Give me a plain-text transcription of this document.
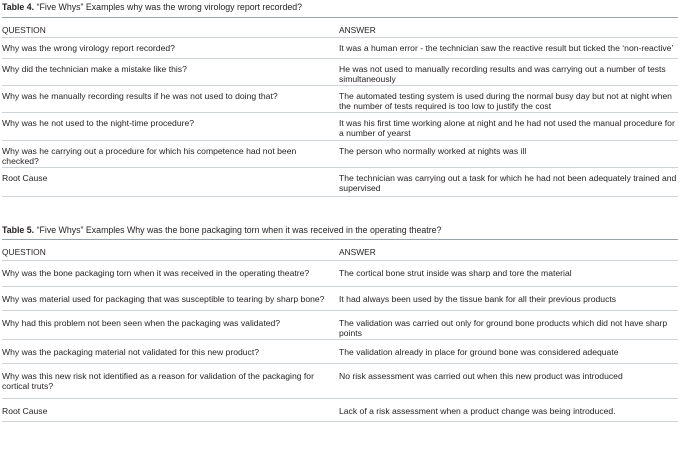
Table 4. “Five Whys” Examples why was the wrong virology report recorded?

QUESTION	ANSWER
Why was the wrong virology report recorded?	It was a human error - the technician saw the reactive result but ticked the ‘non-reactive’
Why did the technician make a mistake like this?	He was not used to manually recording results and was carrying out a number of tests simultaneously
Why was he manually recording results if he was not used to doing that?	The automated testing system is used during the normal busy day but not at night when the number of tests required is too low to justify the cost
Why was he not used to the night-time procedure?	It was his first time working alone at night and he had not used the manual procedure for a number of yearst
Why was he carrying out a procedure for which his competence had not been checked?	The person who normally worked at nights was ill
Root Cause	The technician was carrying out a task for which he had not been adequately trained and supervised

Table 5. “Five Whys” Examples Why was the bone packaging torn when it was received in the operating theatre?

QUESTION	ANSWER
Why was the bone packaging torn when it was received in the operating theatre?	The cortical bone strut inside was sharp and tore the material
Why was material used for packaging that was susceptible to tearing by sharp bone?	It had always been used by the tissue bank for all their previous products
Why had this problem not been seen when the packaging was validated?	The validation was carried out only for ground bone products which did not have sharp points
Why was the packaging material not validated for this new product?	The validation already in place for ground bone was considered adequate
Why was this new risk not identified as a reason for validation of the packaging for cortical truts?	No risk assessment was carried out when this new product was introduced
Root Cause	Lack of a risk assessment when a product change was being introduced.
